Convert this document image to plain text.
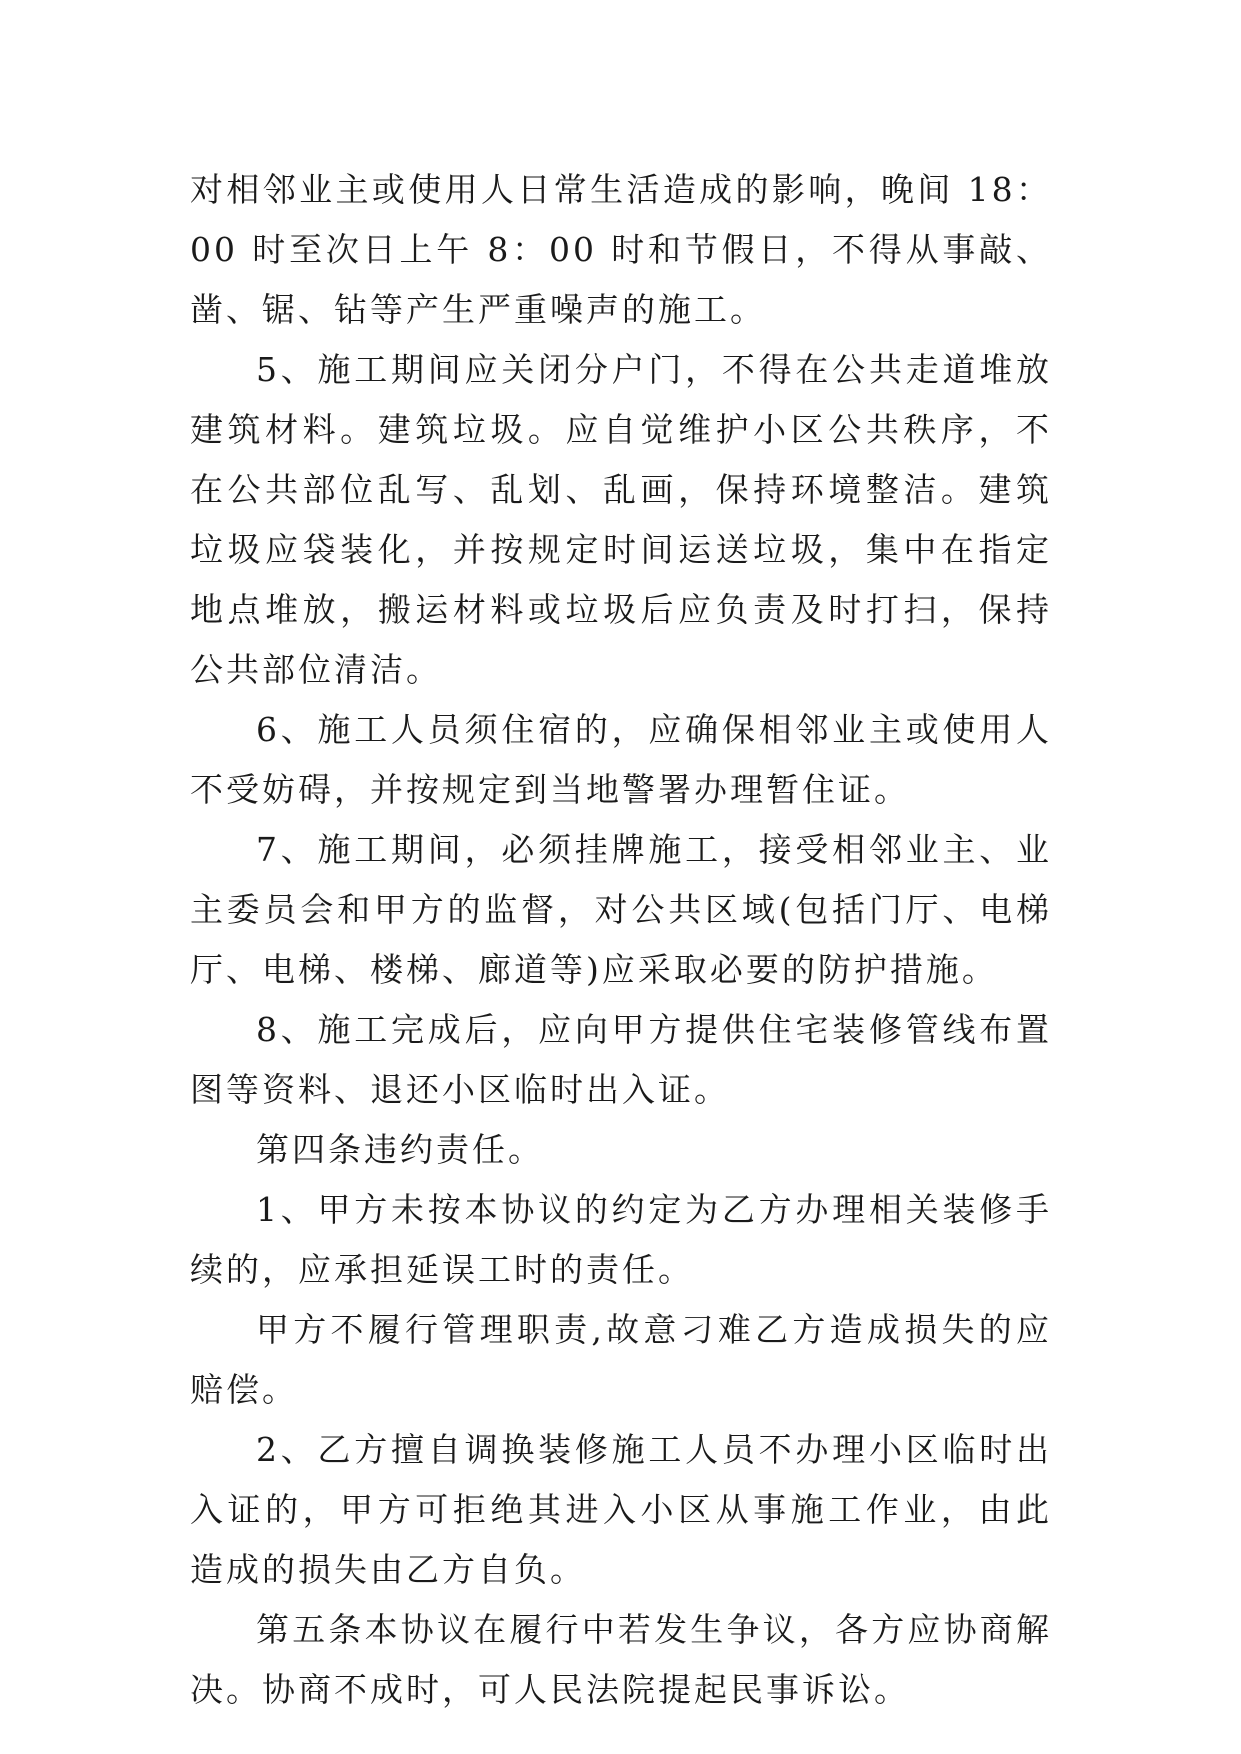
对相邻业主或使用人日常生活造成的影响，晚间 18：00 时至次日上午 8：00 时和节假日，不得从事敲、凿、锯、钻等产生严重噪声的施工。

5、施工期间应关闭分户门，不得在公共走道堆放建筑材料。建筑垃圾。应自觉维护小区公共秩序，不在公共部位乱写、乱划、乱画，保持环境整洁。建筑垃圾应袋装化，并按规定时间运送垃圾，集中在指定地点堆放，搬运材料或垃圾后应负责及时打扫，保持公共部位清洁。

6、施工人员须住宿的，应确保相邻业主或使用人不受妨碍，并按规定到当地警署办理暂住证。

7、施工期间，必须挂牌施工，接受相邻业主、业主委员会和甲方的监督，对公共区域(包括门厅、电梯厅、电梯、楼梯、廊道等)应采取必要的防护措施。

8、施工完成后，应向甲方提供住宅装修管线布置图等资料、退还小区临时出入证。

第四条违约责任。

1、甲方未按本协议的约定为乙方办理相关装修手续的，应承担延误工时的责任。

甲方不履行管理职责,故意刁难乙方造成损失的应赔偿。

2、乙方擅自调换装修施工人员不办理小区临时出入证的，甲方可拒绝其进入小区从事施工作业，由此造成的损失由乙方自负。

第五条本协议在履行中若发生争议，各方应协商解决。协商不成时，可人民法院提起民事诉讼。
